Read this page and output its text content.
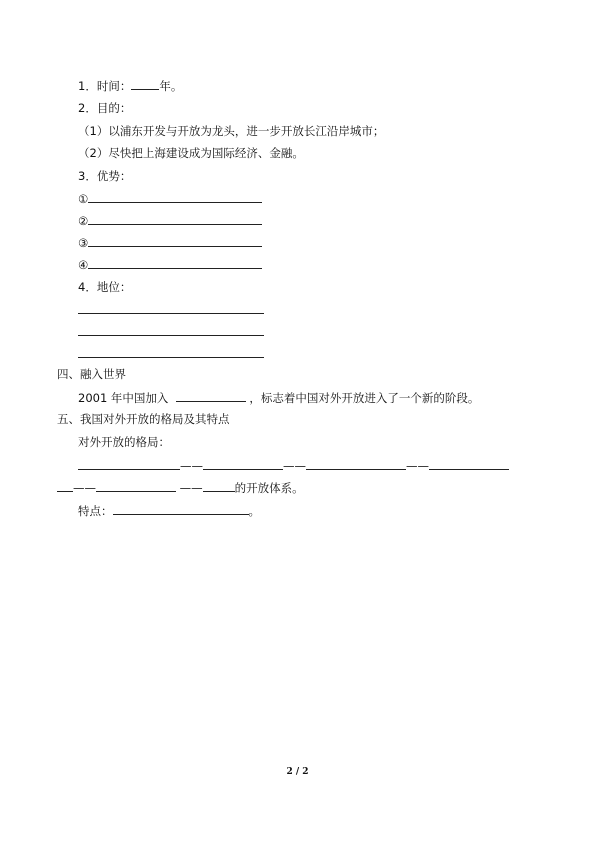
1．时间： 年。
2．目的：
（1）以浦东开发与开放为龙头，进一步开放长江沿岸城市；
（2）尽快把上海建设成为国际经济、金融。
3．优势：
①
②
③
④
4．地位：
四、融入世界
2001 年中国加入	，标志着中国对外开放进入了一个新的阶段。
五、我国对外开放的格局及其特点
对外开放的格局：
——	——	——
——	——	的开放体系。
特点：	。
2 / 2
